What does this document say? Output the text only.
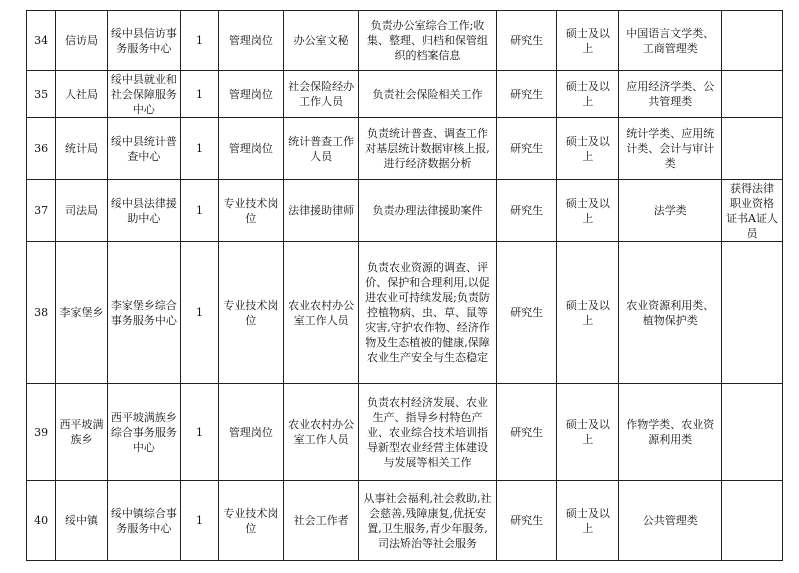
34	信访局	绥中县信访事务服务中心	1	管理岗位	办公室文秘	负责办公室综合工作;收集、整理、归档和保管组织的档案信息	研究生	硕士及以上	中国语言文学类、工商管理类	
35	人社局	绥中县就业和社会保障服务中心	1	管理岗位	社会保险经办工作人员	负责社会保险相关工作	研究生	硕士及以上	应用经济学类、公共管理类	
36	统计局	绥中县统计普查中心	1	管理岗位	统计普查工作人员	负责统计普查、调查工作对基层统计数据审核上报,进行经济数据分析	研究生	硕士及以上	统计学类、应用统计类、会计与审计类	
37	司法局	绥中县法律援助中心	1	专业技术岗位	法律援助律师	负责办理法律援助案件	研究生	硕士及以上	法学类	获得法律职业资格证书A证人员
38	李家堡乡	李家堡乡综合事务服务中心	1	专业技术岗位	农业农村办公室工作人员	负责农业资源的调查、评价、保护和合理利用,以促进农业可持续发展;负责防控植物病、虫、草、鼠等灾害,守护农作物、经济作物及生态植被的健康,保障农业生产安全与生态稳定	研究生	硕士及以上	农业资源利用类、植物保护类	
39	西平坡满族乡	西平坡满族乡综合事务服务中心	1	管理岗位	农业农村办公室工作人员	负责农村经济发展、农业生产、指导乡村特色产业、农业综合技术培训指导新型农业经营主体建设与发展等相关工作	研究生	硕士及以上	作物学类、农业资源利用类	
40	绥中镇	绥中镇综合事务服务中心	1	专业技术岗位	社会工作者	从事社会福利,社会救助,社会慈善,残障康复,优抚安置,卫生服务,青少年服务,司法矫治等社会服务	研究生	硕士及以上	公共管理类	
